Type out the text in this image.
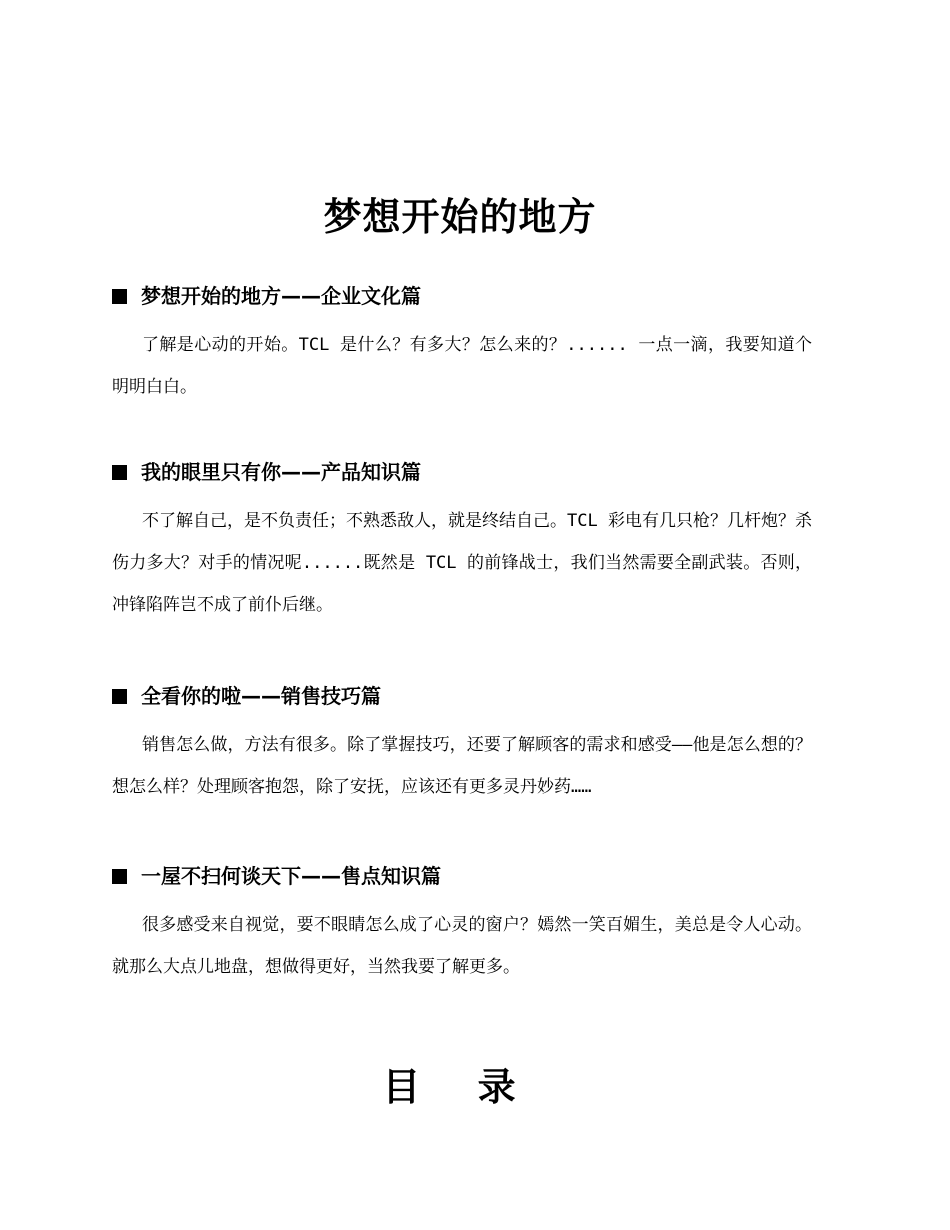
梦想开始的地方
梦想开始的地方——企业文化篇

了解是心动的开始。TCL 是什么？有多大？怎么来的？...... 一点一滴，我要知道个明明白白。

我的眼里只有你——产品知识篇

不了解自己，是不负责任；不熟悉敌人，就是终结自己。TCL 彩电有几只枪？几杆炮？杀伤力多大？对手的情况呢......既然是 TCL 的前锋战士，我们当然需要全副武装。否则，冲锋陷阵岂不成了前仆后继。

全看你的啦——销售技巧篇

销售怎么做，方法有很多。除了掌握技巧，还要了解顾客的需求和感受——他是怎么想的？想怎么样？处理顾客抱怨，除了安抚，应该还有更多灵丹妙药……

一屋不扫何谈天下——售点知识篇

很多感受来自视觉，要不眼睛怎么成了心灵的窗户？嫣然一笑百媚生，美总是令人心动。就那么大点儿地盘，想做得更好，当然我要了解更多。

目 录
